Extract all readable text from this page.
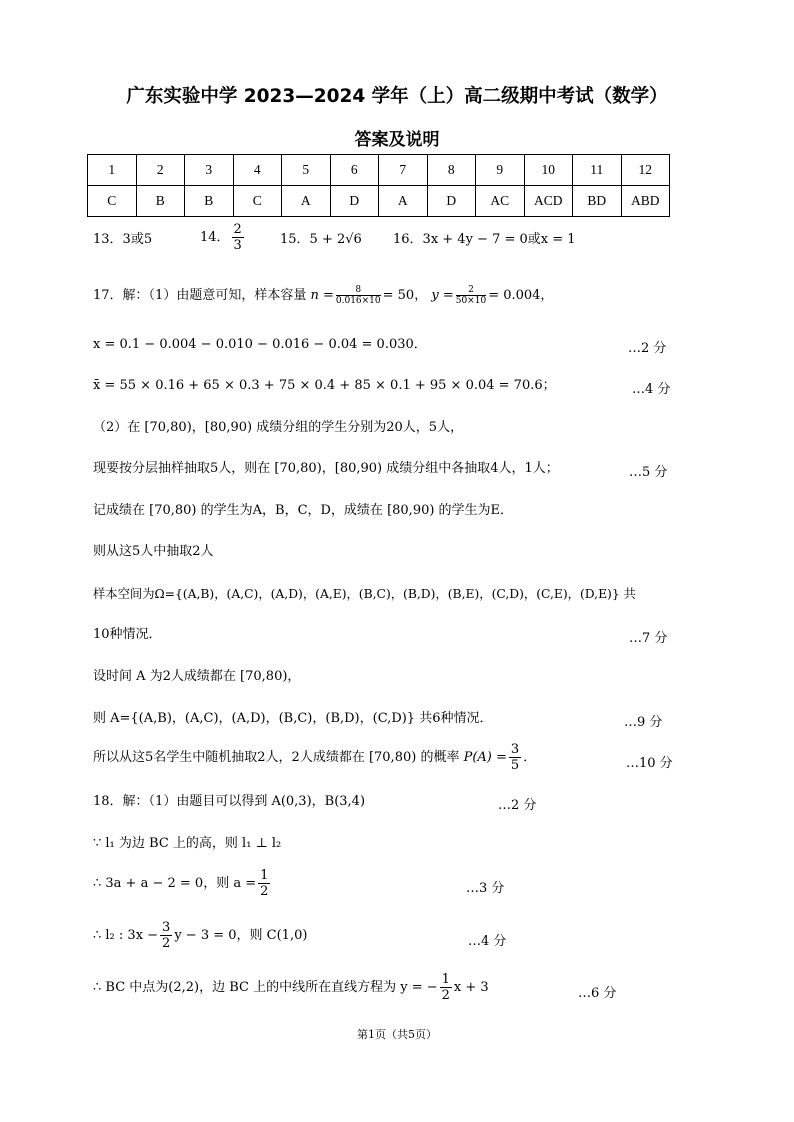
广东实验中学 2023—2024 学年（上）高二级期中考试（数学）
答案及说明
1	2	3	4	5	6	7	8	9	10	11	12
C	B	B	C	A	D	A	D	AC	ACD	BD	ABD
13．3或5	14． $\frac{2}{3}$	15．5 + 2√6 16．3x + 4y − 7 = 0或x = 1
17．解：（1）由题意可知，样本容量 $n = \frac{8}{0.016\times 10} = 50$， $y = \frac{2}{50\times 10} = 0.004$，
x = 0.1 − 0.004 − 0.010 − 0.016 − 0.04 = 0.030．	…2 分
x̄ = 55 × 0.16 + 65 × 0.3 + 75 × 0.4 + 85 × 0.1 + 95 × 0.04 = 70.6；	…4 分
（2）在 [70,80)，[80,90) 成绩分组的学生分别为20人，5人，
现要按分层抽样抽取5人，则在 [70,80)，[80,90) 成绩分组中各抽取4人，1人；	…5 分
记成绩在 [70,80) 的学生为A，B，C，D，成绩在 [80,90) 的学生为E．
则从这5人中抽取2人
样本空间为Ω={(A,B)，(A,C)，(A,D)，(A,E)，(B,C)，(B,D)，(B,E)，(C,D)，(C,E)，(D,E)} 共
10种情况．	…7 分
设时间 A 为2人成绩都在 [70,80)，
则 A={(A,B)，(A,C)，(A,D)，(B,C)，(B,D)，(C,D)} 共6种情况．	…9 分
所以从这5名学生中随机抽取2人，2人成绩都在 [70,80) 的概率 $P(A) = \frac{3}{5}$ ．	…10 分
18．解：（1）由题目可以得到 A(0,3)，B(3,4)	…2 分
∵ l₁ 为边 BC 上的高，则 l₁ ⊥ l₂
∴ 3a + a − 2 = 0，则 $a = \frac{1}{2}$	…3 分
∴ l₂ : $3x - \frac{3}{2}$ y − 3 = 0，则 C(1,0)	…4 分
∴ BC 中点为(2,2)，边 BC 上的中线所在直线方程为 y = − $\frac{1}{2}$ x + 3	…6 分
第1页（共5页）
